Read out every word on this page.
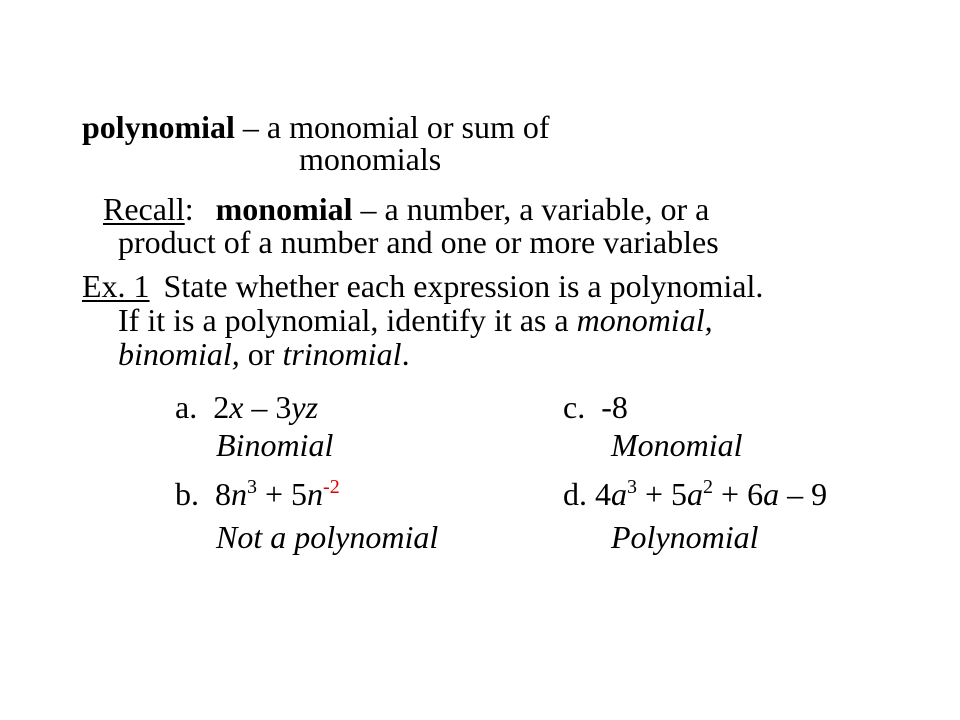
polynomial – a monomial or sum of
monomials
Recall: monomial – a number, a variable, or a
product of a number and one or more variables
Ex. 1 State whether each expression is a polynomial.
If it is a polynomial, identify it as a monomial,
binomial, or trinomial.
a.  2x – 3yz
Binomial
c. -8
Monomial
b.  $8n^3 + 5n^{-2}$
Not a polynomial
d. $4a^3 + 5a^2 + 6a - 9$
Polynomial
